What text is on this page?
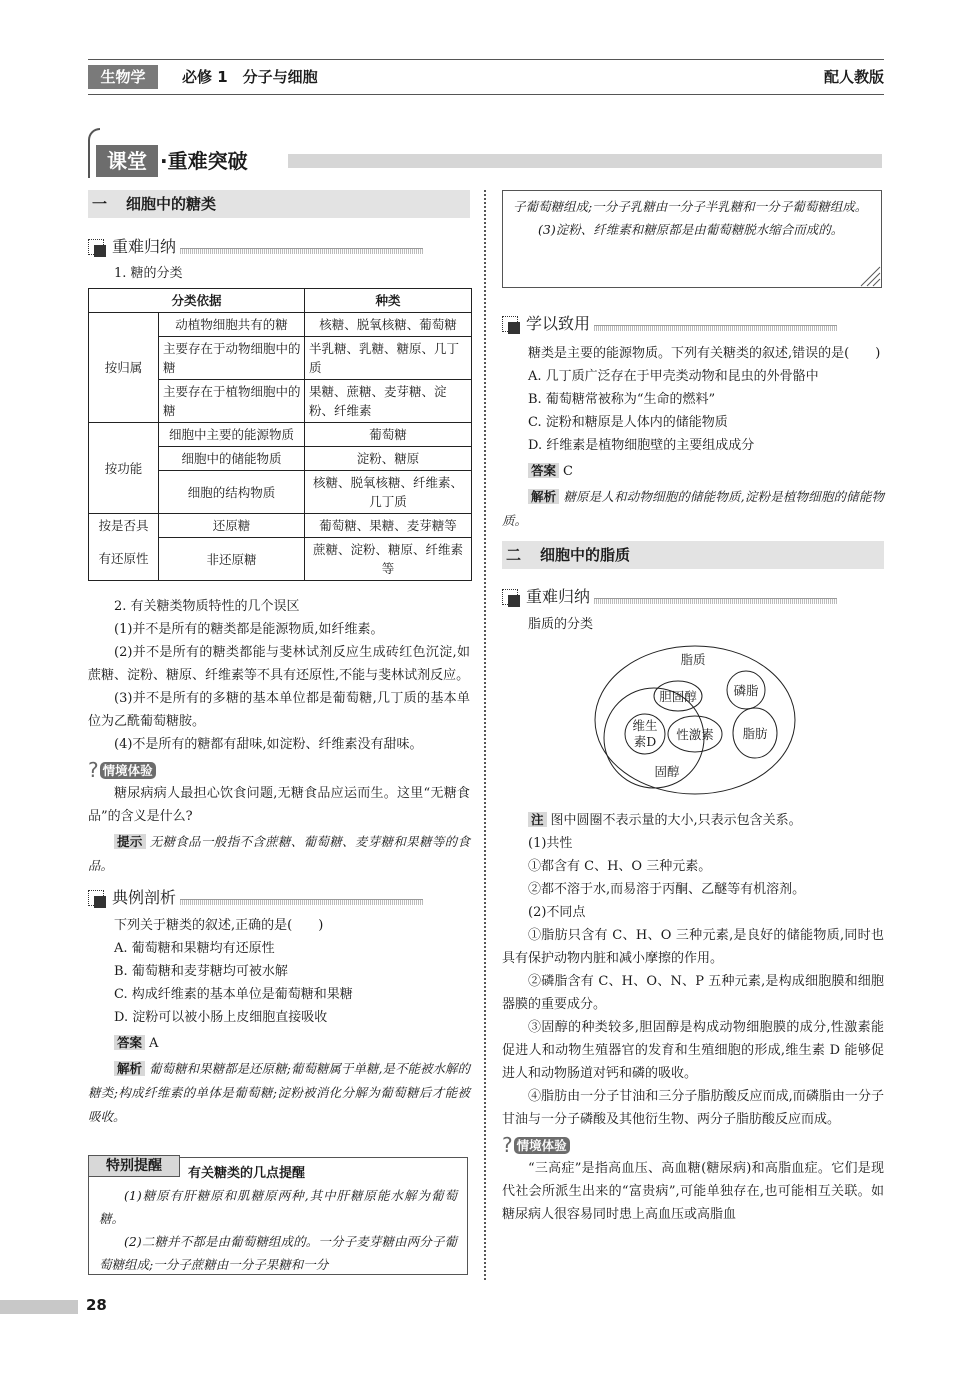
生物学	必修 1　分子与细胞	配人教版
课堂 ·重难突破
一 细胞中的糖类
重难归纳

1. 糖的分类

分类依据		种类
按归属	动植物细胞共有的糖	核糖、脱氧核糖、葡萄糖
	主要存在于动物细胞中的糖	半乳糖、乳糖、糖原、几丁质
	主要存在于植物细胞中的糖	果糖、蔗糖、麦芽糖、淀粉、纤维素
按功能	细胞中主要的能源物质	葡萄糖
	细胞中的储能物质	淀粉、糖原
	细胞的结构物质	核糖、脱氧核糖、纤维素、几丁质
按是否具	还原糖	葡萄糖、果糖、麦芽糖等
有还原性	非还原糖	蔗糖、淀粉、糖原、纤维素等

2. 有关糖类物质特性的几个误区

(1)并不是所有的糖类都是能源物质,如纤维素。

(2)并不是所有的糖类都能与斐林试剂反应生成砖红色沉淀,如蔗糖、淀粉、糖原、纤维素等不具有还原性,不能与斐林试剂反应。

(3)并不是所有的多糖的基本单位都是葡萄糖,几丁质的基本单位为乙酰葡萄糖胺。

(4)不是所有的糖都有甜味,如淀粉、纤维素没有甜味。

? 情境体验

糖尿病病人最担心饮食问题,无糖食品应运而生。这里“无糖食品”的含义是什么?

提示 无糖食品一般指不含蔗糖、葡萄糖、麦芽糖和果糖等的食品。

典例剖析

下列关于糖类的叙述,正确的是(　　)

A. 葡萄糖和果糖均有还原性

B. 葡萄糖和麦芽糖均可被水解

C. 构成纤维素的基本单位是葡萄糖和果糖

D. 淀粉可以被小肠上皮细胞直接吸收

答案 A

解析 葡萄糖和果糖都是还原糖;葡萄糖属于单糖,是不能被水解的糖类;构成纤维素的单体是葡萄糖;淀粉被消化分解为葡萄糖后才能被吸收。

(1)糖原有肝糖原和肌糖原两种,其中肝糖原能水解为葡萄糖。

(2)二糖并不都是由葡萄糖组成的。一分子麦芽糖由两分子葡萄糖组成;一分子蔗糖由一分子果糖和一分

特别提醒	有关糖类的几点提醒

子葡萄糖组成;一分子乳糖由一分子半乳糖和一分子葡萄糖组成。

(3)淀粉、纤维素和糖原都是由葡萄糖脱水缩合而成的。

学以致用

糖类是主要的能源物质。下列有关糖类的叙述,错误的是(　　)

A. 几丁质广泛存在于甲壳类动物和昆虫的外骨骼中

B. 葡萄糖常被称为“生命的燃料”

C. 淀粉和糖原是人体内的储能物质

D. 纤维素是植物细胞壁的主要组成成分

答案 C

解析 糖原是人和动物细胞的储能物质,淀粉是植物细胞的储能物质。

二 细胞中的脂质
重难归纳

脂质的分类

脂质
固醇
胆固醇
维生
素D 性激素
磷脂
脂肪

注 图中圆圈不表示量的大小,只表示包含关系。

(1)共性

①都含有 C、H、O 三种元素。

②都不溶于水,而易溶于丙酮、乙醚等有机溶剂。

(2)不同点

①脂肪只含有 C、H、O 三种元素,是良好的储能物质,同时也具有保护动物内脏和减小摩擦的作用。

②磷脂含有 C、H、O、N、P 五种元素,是构成细胞膜和细胞器膜的重要成分。

③固醇的种类较多,胆固醇是构成动物细胞膜的成分,性激素能促进人和动物生殖器官的发育和生殖细胞的形成,维生素 D 能够促进人和动物肠道对钙和磷的吸收。

④脂肪由一分子甘油和三分子脂肪酸反应而成,而磷脂由一分子甘油与一分子磷酸及其他衍生物、两分子脂肪酸反应而成。

? 情境体验

“三高症”是指高血压、高血糖(糖尿病)和高脂血症。它们是现代社会所派生出来的“富贵病”,可能单独存在,也可能相互关联。如糖尿病人很容易同时患上高血压或高脂血

28
